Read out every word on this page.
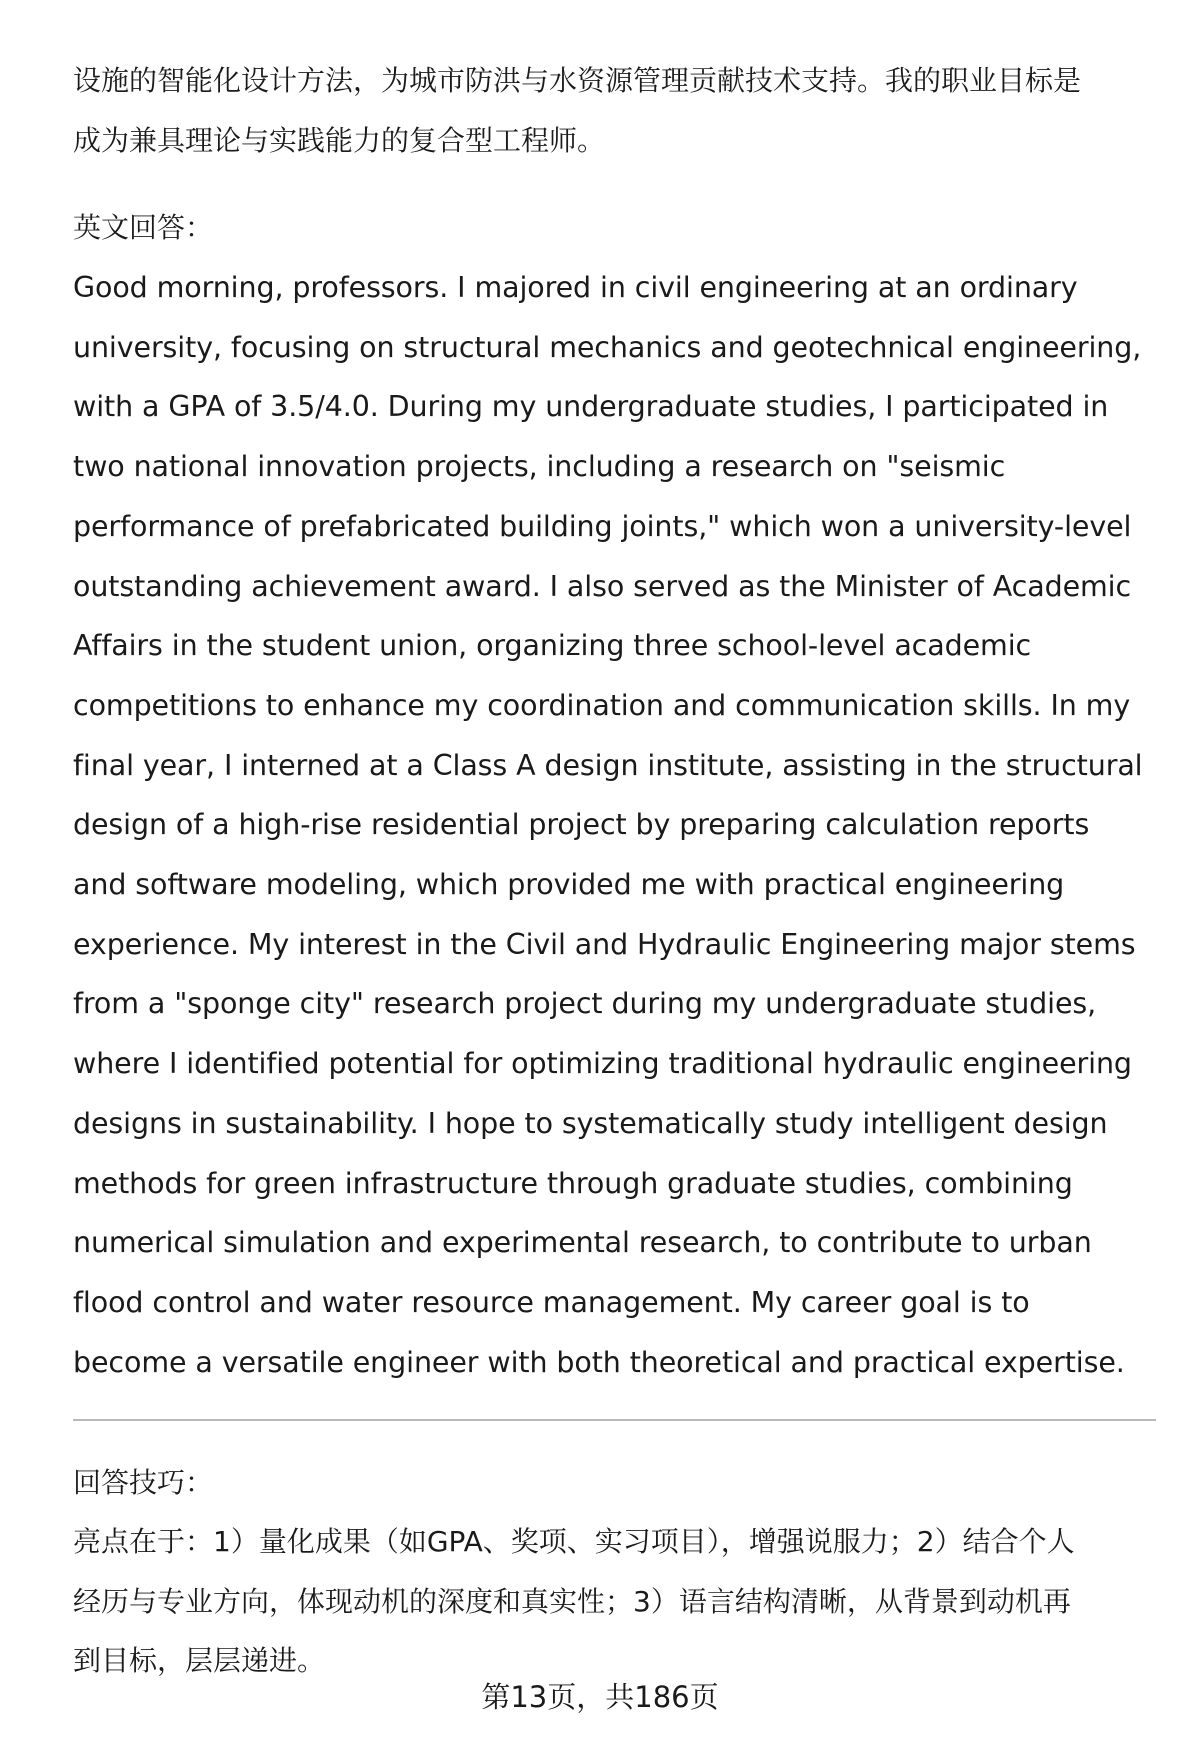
设施的智能化设计方法，为城市防洪与水资源管理贡献技术支持。我的职业目标是
成为兼具理论与实践能力的复合型工程师。
英文回答：
Good morning, professors. I majored in civil engineering at an ordinary
university, focusing on structural mechanics and geotechnical engineering,
with a GPA of 3.5/4.0. During my undergraduate studies, I participated in
two national innovation projects, including a research on "seismic
performance of prefabricated building joints," which won a university-level
outstanding achievement award. I also served as the Minister of Academic
Affairs in the student union, organizing three school-level academic
competitions to enhance my coordination and communication skills. In my
final year, I interned at a Class A design institute, assisting in the structural
design of a high-rise residential project by preparing calculation reports
and software modeling, which provided me with practical engineering
experience. My interest in the Civil and Hydraulic Engineering major stems
from a "sponge city" research project during my undergraduate studies,
where I identified potential for optimizing traditional hydraulic engineering
designs in sustainability. I hope to systematically study intelligent design
methods for green infrastructure through graduate studies, combining
numerical simulation and experimental research, to contribute to urban
flood control and water resource management. My career goal is to
become a versatile engineer with both theoretical and practical expertise.
回答技巧：
亮点在于：1）量化成果（如GPA、奖项、实习项目），增强说服力；2）结合个人
经历与专业方向，体现动机的深度和真实性；3）语言结构清晰，从背景到动机再
到目标，层层递进。
第13页，共186页
